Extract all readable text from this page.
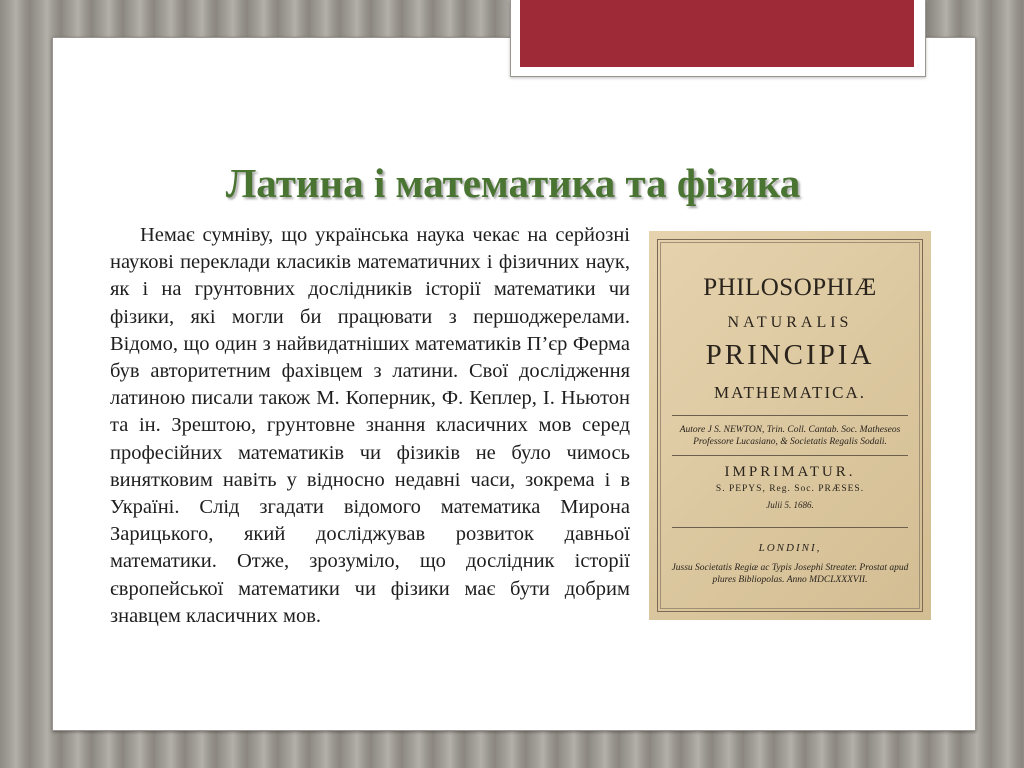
Латина і математика та фізика

Немає сумніву, що українська наука чекає на серйозні наукові переклади класиків математичних і фізичних наук, як і на грунтовних дослідників історії математики чи фізики, які могли би працювати з першоджерелами. Відомо, що один з найвидатніших математиків П’єр Ферма був авторитетним фахівцем з латини. Свої дослідження латиною писали також М. Коперник, Ф. Кеплер, І. Ньютон та ін. Зрештою, грунтовне знання класичних мов серед професійних математиків чи фізиків не було чимось винятковим навіть у відносно недавні часи, зокрема і в Україні. Слід згадати відомого математика Мирона Зарицького, який досліджував розвиток давньої математики. Отже, зрозуміло, що дослідник історії європейської математики чи фізики має бути добрим знавцем класичних мов.

PHILOSOPHIÆ

NATURALIS

PRINCIPIA

MATHEMATICA.

Autore J S. NEWTON, Trin. Coll. Cantab. Soc. Matheseos Professore Lucasiano, & Societatis Regalis Sodali.

IMPRIMATUR.

S. PEPYS, Reg. Soc. PRÆSES.

Julii 5. 1686.

LONDINI,

Jussu Societatis Regiæ ac Typis Josephi Streater. Prostat apud plures Bibliopolas. Anno MDCLXXXVII.
